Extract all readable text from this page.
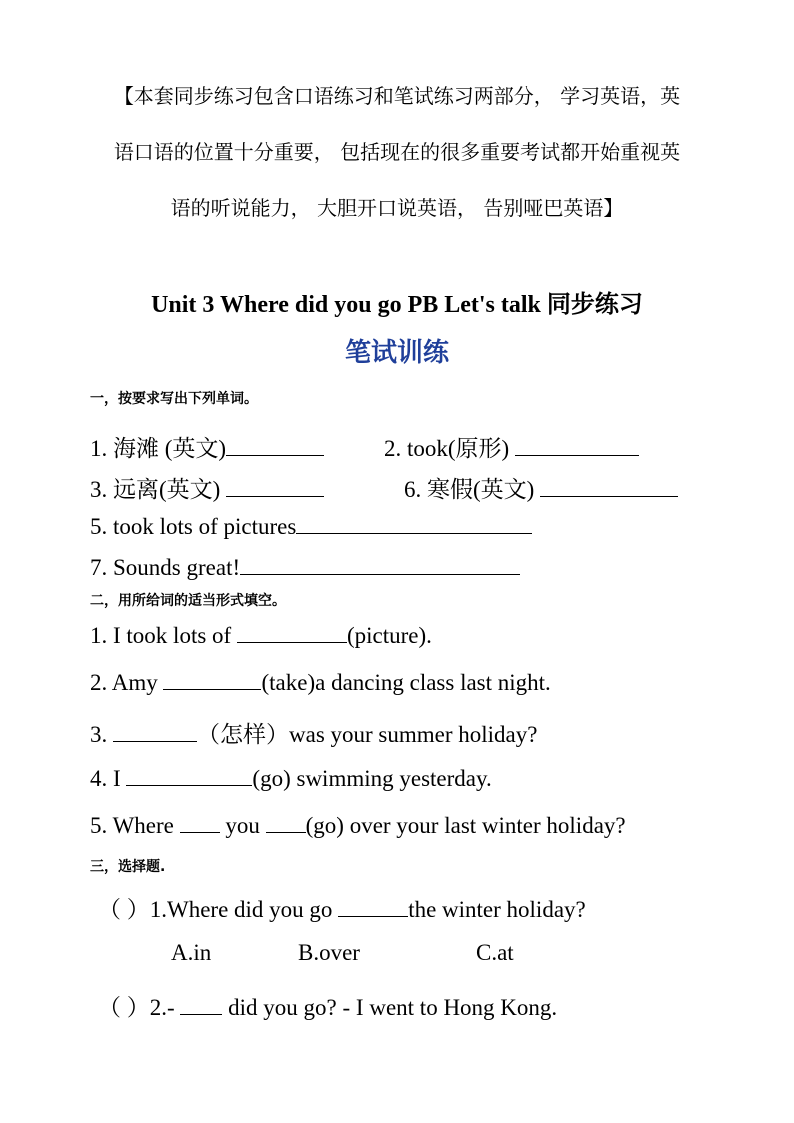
【本套同步练习包含口语练习和笔试练习两部分， 学习英语，英
语口语的位置十分重要， 包括现在的很多重要考试都开始重视英
语的听说能力， 大胆开口说英语， 告别哑巴英语】
Unit 3 Where did you go PB Let's talk 同步练习
笔试训练
一，按要求写出下列单词。
1. 海滩 (英文)	2. took(原形)
3. 远离(英文)	6. 寒假(英文)
5. took lots of pictures
7. Sounds great!
二，用所给词的适当形式填空。
1. I took lots of	(picture).
2. Amy	(take)a dancing class last night.
3.	（怎样）was your summer holiday?
4. I	(go) swimming yesterday.
5. Where  you (go) over your last winter holiday?
三，选择题.
（ ）1.Where did you go	the winter holiday?
A.in	B.over	C.at
（ ）2.-  did you go? - I went to Hong Kong.
